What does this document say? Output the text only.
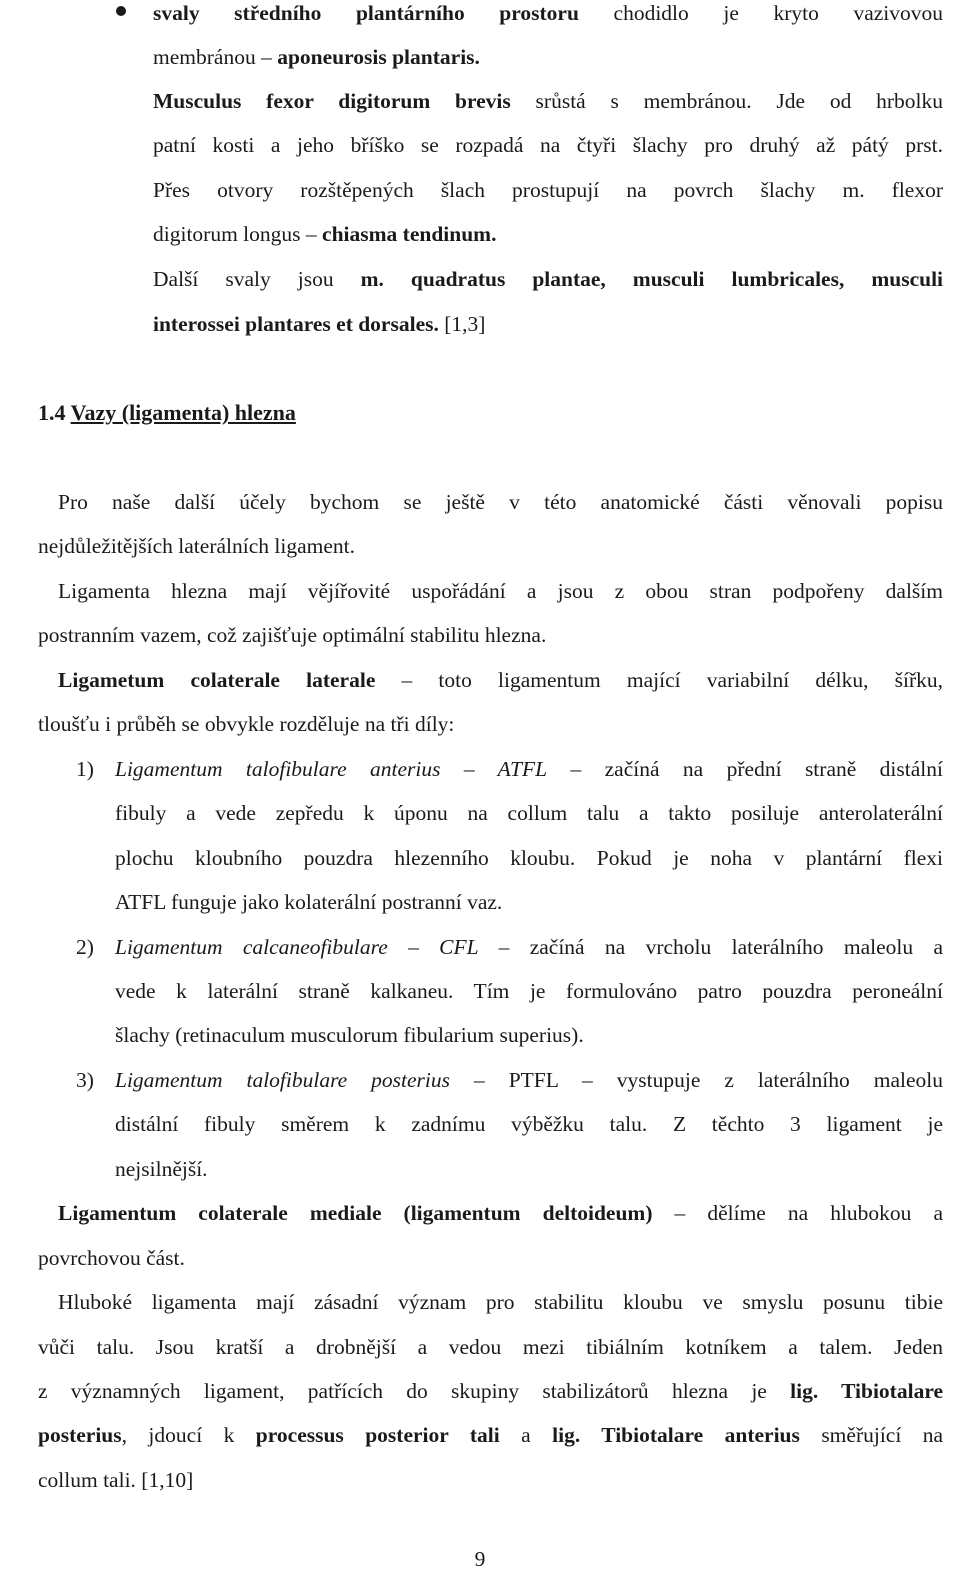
svaly středního plantárního prostoru chodidlo je kryto vazivovou
membránou – aponeurosis plantaris.
Musculus fexor digitorum brevis srůstá s membránou. Jde od hrbolku
patní kosti a jeho bříško se rozpadá na čtyři šlachy pro druhý až pátý prst.
Přes otvory rozštěpených šlach prostupují na povrch šlachy m. flexor
digitorum longus – chiasma tendinum.
Další svaly jsou m. quadratus plantae, musculi lumbricales, musculi
interossei plantares et dorsales. [1,3]
1.4 Vazy (ligamenta) hlezna
Pro naše další účely bychom se ještě v této anatomické části věnovali popisu
nejdůležitějších laterálních ligament.
Ligamenta hlezna mají vějířovité uspořádání a jsou z obou stran podpořeny dalším
postranním vazem, což zajišťuje optimální stabilitu hlezna.
Ligametum colaterale laterale – toto ligamentum mající variabilní délku, šířku,
tloušťu i průběh se obvykle rozděluje na tři díly:
1) Ligamentum talofibulare anterius – ATFL – začíná na přední straně distální
fibuly a vede zepředu k úponu na collum talu a takto posiluje anterolaterální
plochu kloubního pouzdra hlezenního kloubu. Pokud je noha v plantární flexi
ATFL funguje jako kolaterální postranní vaz.
2) Ligamentum calcaneofibulare – CFL – začíná na vrcholu laterálního maleolu a
vede k laterální straně kalkaneu. Tím je formulováno patro pouzdra peroneální
šlachy (retinaculum musculorum fibularium superius).
3) Ligamentum talofibulare posterius – PTFL – vystupuje z laterálního maleolu
distální fibuly směrem k zadnímu výběžku talu. Z těchto 3 ligament je
nejsilnější.
Ligamentum colaterale mediale (ligamentum deltoideum) – dělíme na hlubokou a
povrchovou část.
Hluboké ligamenta mají zásadní význam pro stabilitu kloubu ve smyslu posunu tibie
vůči talu. Jsou kratší a drobnější a vedou mezi tibiálním kotníkem a talem. Jeden
z významných ligament, patřících do skupiny stabilizátorů hlezna je lig. Tibiotalare
posterius, jdoucí k processus posterior tali a lig. Tibiotalare anterius směřující na
collum tali. [1,10]
9
